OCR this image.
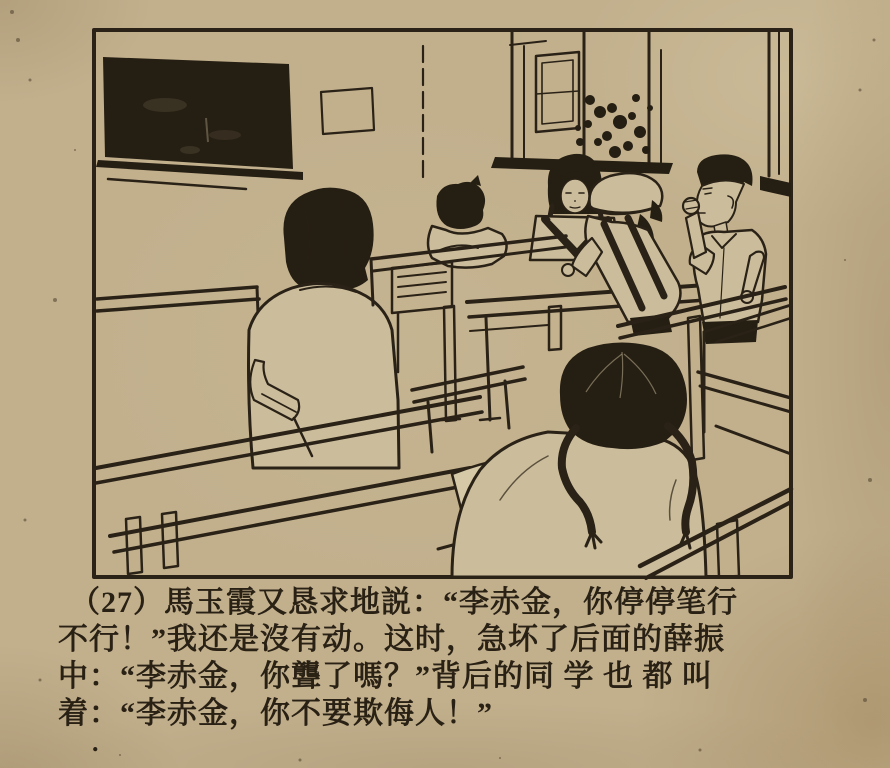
（27）馬玉霞又恳求地説：“李赤金，你停停笔行
不行！”我还是沒有动。这时，急坏了后面的薛振
中：“李赤金，你聾了嗎？”背后的同 学 也 都 叫
着：“李赤金，你不要欺侮人！”
.
